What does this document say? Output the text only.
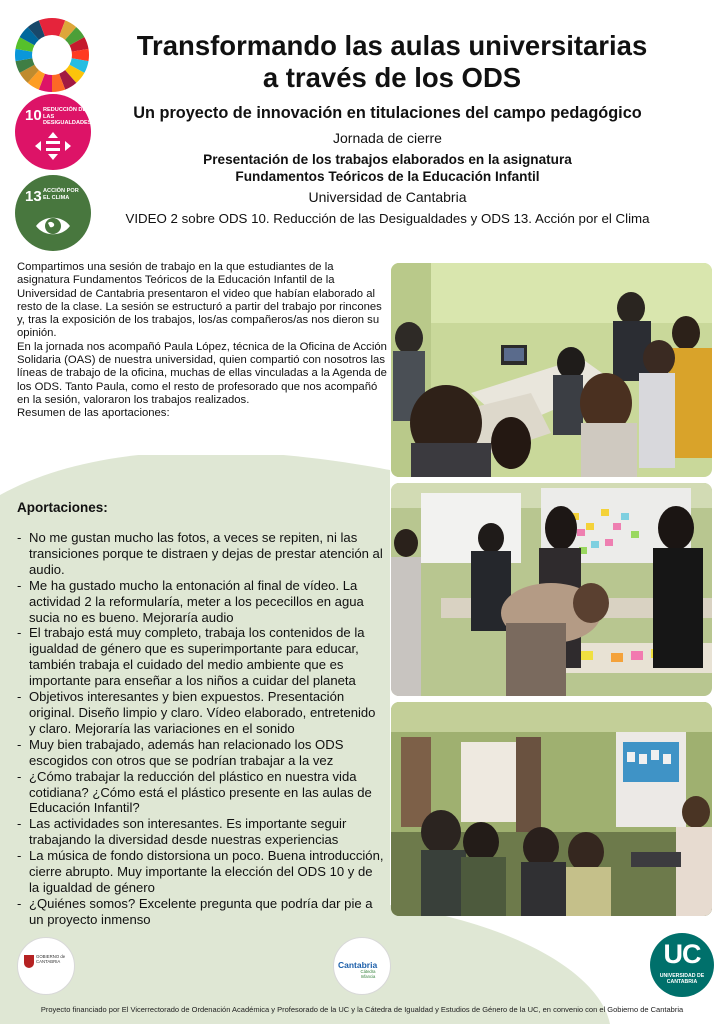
10 REDUCCIÓN DE LAS DESIGUALDADES
13 ACCIÓN POR EL CLIMA
Transformando las aulas universitarias
a través de los ODS
Un proyecto de innovación en titulaciones del campo pedagógico
Jornada de cierre
Presentación de los trabajos elaborados en la asignatura
Fundamentos Teóricos de la Educación Infantil
Universidad de Cantabria
VIDEO 2 sobre ODS 10. Reducción de las Desigualdades y ODS 13. Acción por el Clima

Compartimos una sesión de trabajo en la que estudiantes de la asignatura Fundamentos Teóricos de la Educación Infantil de la Universidad de Cantabria presentaron el video que habían elaborado al resto de la clase. La sesión se estructuró a partir del trabajo por rincones y, tras la exposición de los trabajos, los/as compañeros/as nos dieron su opinión.

En la jornada nos acompañó Paula López, técnica de la Oficina de Acción Solidaria (OAS) de nuestra universidad, quien compartió con nosotros las líneas de trabajo de la oficina, muchas de ellas vinculadas a la Agenda de los ODS. Tanto Paula, como el resto de profesorado que nos acompañó en la sesión, valoraron los trabajos realizados.

Resumen de las aportaciones:

Aportaciones:
- No me gustan mucho las fotos, a veces se repiten, ni las transiciones porque te distraen y dejas de prestar atención al audio.
- Me ha gustado mucho la entonación al final de vídeo. La actividad 2 la reformularía, meter a los pececillos en agua sucia no es bueno. Mejoraría audio
- El trabajo está muy completo, trabaja los contenidos de la igualdad de género que es superimportante para educar, también trabaja el cuidado del medio ambiente que es importante para enseñar a los niños a cuidar del planeta
- Objetivos interesantes y bien expuestos. Presentación original. Diseño limpio y claro. Vídeo elaborado, entretenido y claro. Mejoraría las variaciones en el sonido
- Muy bien trabajado, además han relacionado los ODS escogidos con otros que se podrían trabajar a la vez
- ¿Cómo trabajar la reducción del plástico en nuestra vida cotidiana? ¿Cómo está el plástico presente en las aulas de Educación Infantil?
- Las actividades son interesantes. Es importante seguir trabajando la diversidad desde nuestras experiencias
- La música de fondo distorsiona un poco. Buena introducción, cierre abrupto. Muy importante la elección del ODS 10 y de la igualdad de género
- ¿Quiénes somos? Excelente pregunta que podría dar pie a un proyecto inmenso
GOBIERNO de CANTABRIA	Cantabria
Cátedra Infancia
UC
UNIVERSIDAD DE CANTABRIA
Proyecto financiado por El Vicerrectorado de Ordenación Académica y Profesorado de la UC y la Cátedra de Igualdad y Estudios de Género de la UC, en convenio con el Gobierno de Cantabria
